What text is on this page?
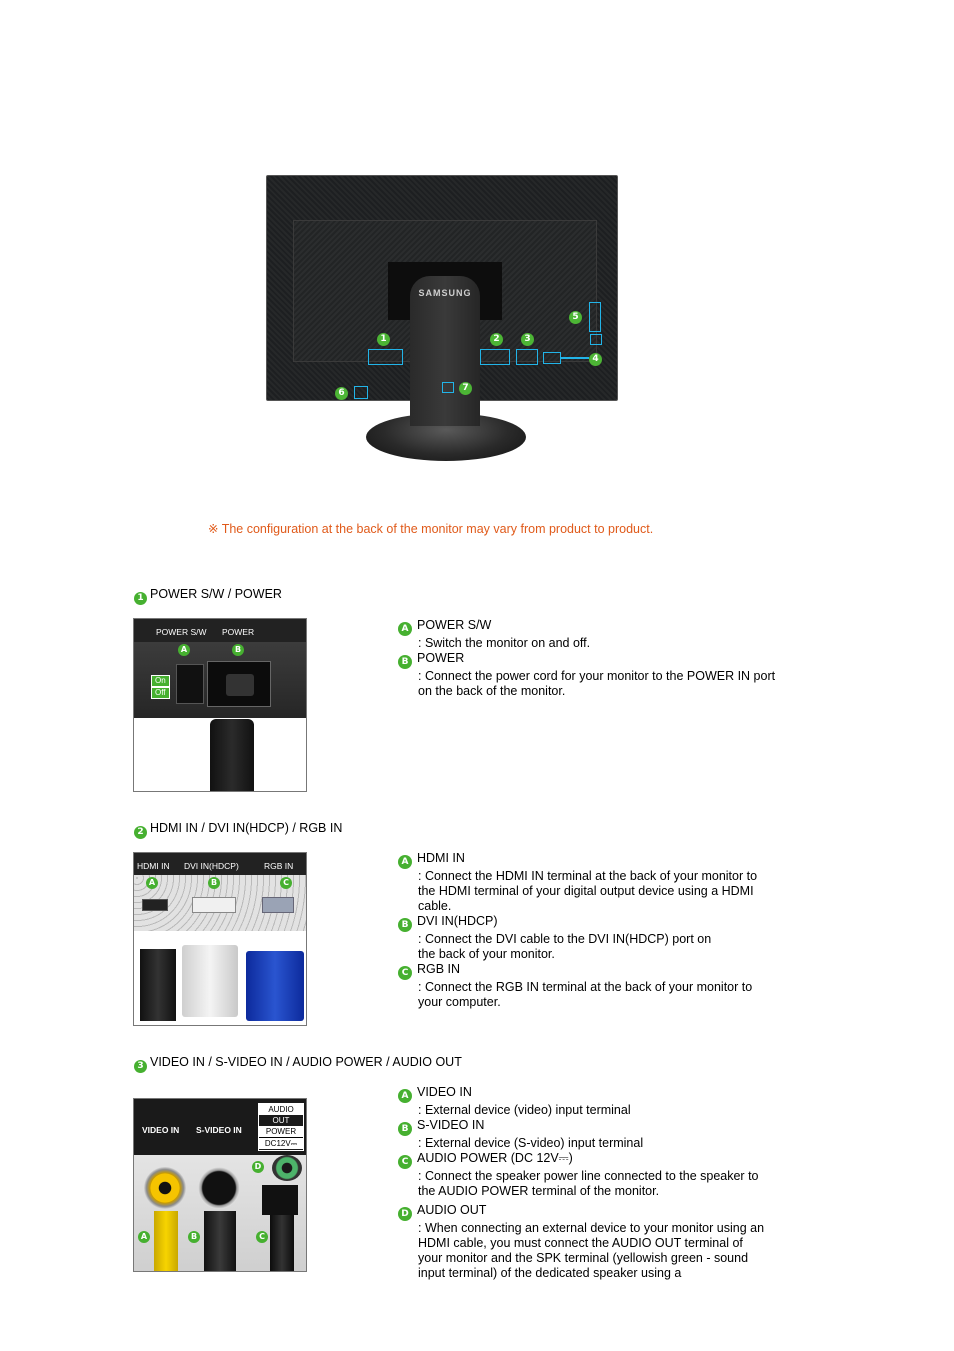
SAMSUNG
1	2	3
4
5
6	7
※ The configuration at the back of the monitor may vary from product to product.
1 POWER S/W / POWER
POWER S/W POWER
A	B
On
Off
A POWER S/W
: Switch the monitor on and off.
B POWER
: Connect the power cord for your monitor to the POWER IN port on the back of the monitor.
2 HDMI IN / DVI IN(HDCP) / RGB IN
HDMI IN DVI IN(HDCP)	RGB IN
A	B	C
A HDMI IN
: Connect the HDMI IN terminal at the back of your monitor to the HDMI terminal of your digital output device using a HDMI cable.
B DVI IN(HDCP)
: Connect the DVI cable to the DVI IN(HDCP) port on the back of your monitor.
C RGB IN
: Connect the RGB IN terminal at the back of your monitor to your computer.
3 VIDEO IN / S-VIDEO IN / AUDIO POWER / AUDIO OUT
VIDEO IN S-VIDEO IN
AUDIO
OUT
POWER
DC12V⎓
D
A	B	C
A VIDEO IN
: External device (video) input terminal
B S-VIDEO IN
: External device (S-video) input terminal
C AUDIO POWER (DC 12V⎓)
: Connect the speaker power line connected to the speaker to the AUDIO POWER terminal of the monitor.
D AUDIO OUT
: When connecting an external device to your monitor using an HDMI cable, you must connect the AUDIO OUT terminal of your monitor and the SPK terminal (yellowish green - sound input terminal) of the dedicated speaker using a
